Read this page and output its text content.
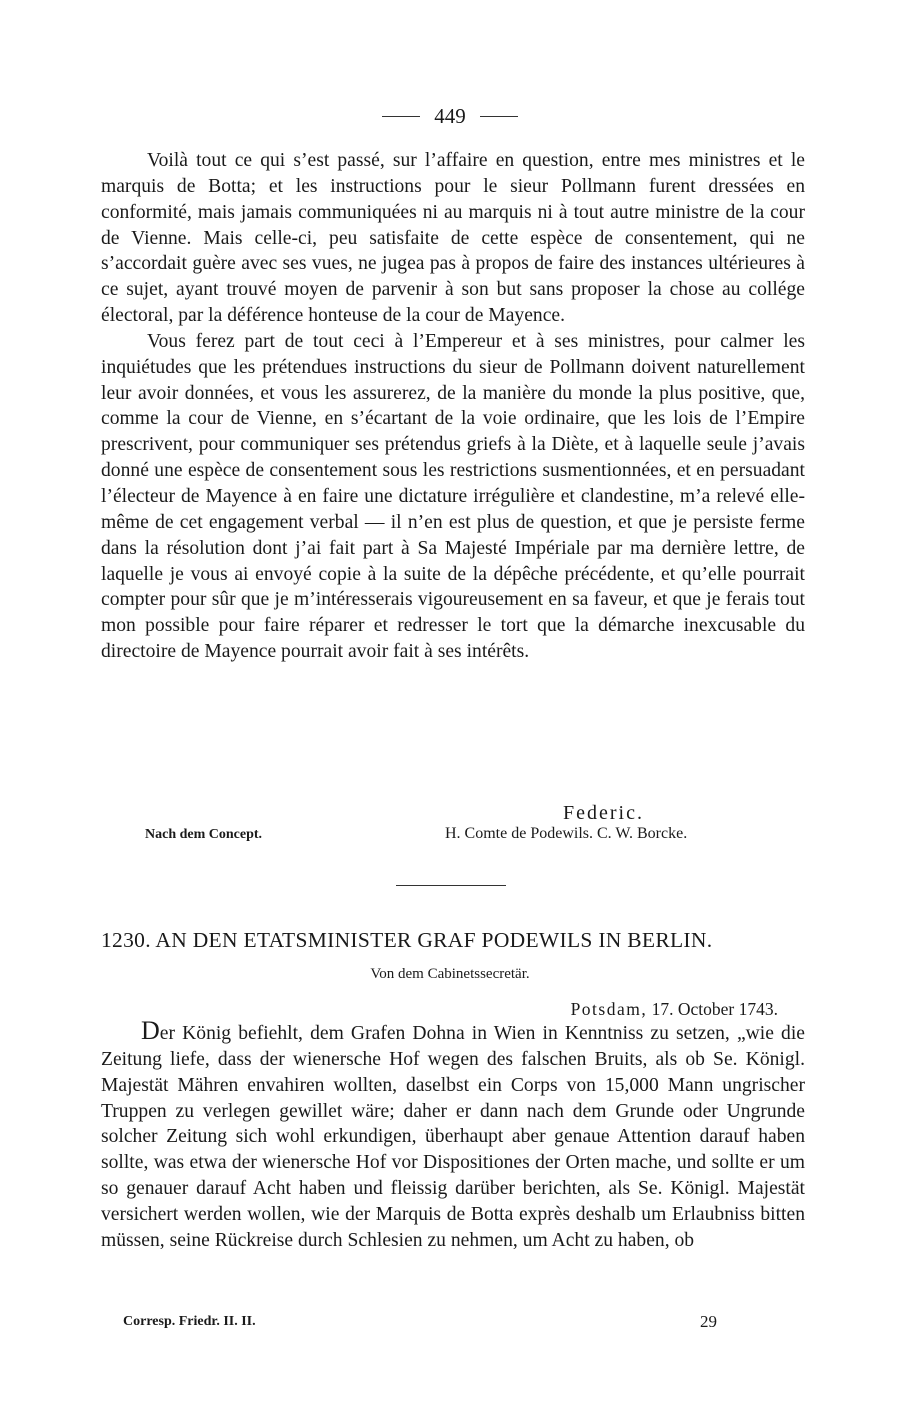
449

Voilà tout ce qui s’est passé, sur l’affaire en question, entre mes ministres et le marquis de Botta; et les instructions pour le sieur Pollmann furent dressées en conformité, mais jamais communiquées ni au marquis ni à tout autre ministre de la cour de Vienne. Mais celle-ci, peu satisfaite de cette espèce de consentement, qui ne s’accordait guère avec ses vues, ne jugea pas à propos de faire des instances ultérieures à ce sujet, ayant trouvé moyen de parvenir à son but sans proposer la chose au collége électoral, par la déférence honteuse de la cour de Mayence.

Vous ferez part de tout ceci à l’Empereur et à ses ministres, pour calmer les inquiétudes que les prétendues instructions du sieur de Pollmann doivent naturellement leur avoir données, et vous les assurerez, de la manière du monde la plus positive, que, comme la cour de Vienne, en s’écartant de la voie ordinaire, que les lois de l’Empire prescrivent, pour communiquer ses prétendus griefs à la Diète, et à laquelle seule j’avais donné une espèce de consentement sous les restrictions susmentionnées, et en persuadant l’électeur de Mayence à en faire une dictature irrégulière et clandestine, m’a relevé elle-même de cet engagement verbal — il n’en est plus de question, et que je persiste ferme dans la résolution dont j’ai fait part à Sa Majesté Impériale par ma dernière lettre, de laquelle je vous ai envoyé copie à la suite de la dépêche précédente, et qu’elle pourrait compter pour sûr que je m’intéresserais vigoureusement en sa faveur, et que je ferais tout mon possible pour faire réparer et redresser le tort que la démarche inexcusable du directoire de Mayence pourrait avoir fait à ses intérêts.

Federic.
Nach dem Concept.	H. Comte de Podewils. C. W. Borcke.
1230. AN DEN ETATSMINISTER GRAF PODEWILS IN BERLIN.
Von dem Cabinetssecretär.
Potsdam, 17. October 1743.

Der König befiehlt, dem Grafen Dohna in Wien in Kenntniss zu setzen, „wie die Zeitung liefe, dass der wienersche Hof wegen des falschen Bruits, als ob Se. Königl. Majestät Mähren envahiren wollten, daselbst ein Corps von 15,000 Mann ungrischer Truppen zu verlegen gewillet wäre; daher er dann nach dem Grunde oder Ungrunde solcher Zeitung sich wohl erkundigen, überhaupt aber genaue Attention darauf haben sollte, was etwa der wienersche Hof vor Dispositiones der Orten mache, und sollte er um so genauer darauf Acht haben und fleissig darüber berichten, als Se. Königl. Majestät versichert werden wollen, wie der Marquis de Botta exprès deshalb um Erlaubniss bitten müssen, seine Rückreise durch Schlesien zu nehmen, um Acht zu haben, ob

Corresp. Friedr. II. II.	29
